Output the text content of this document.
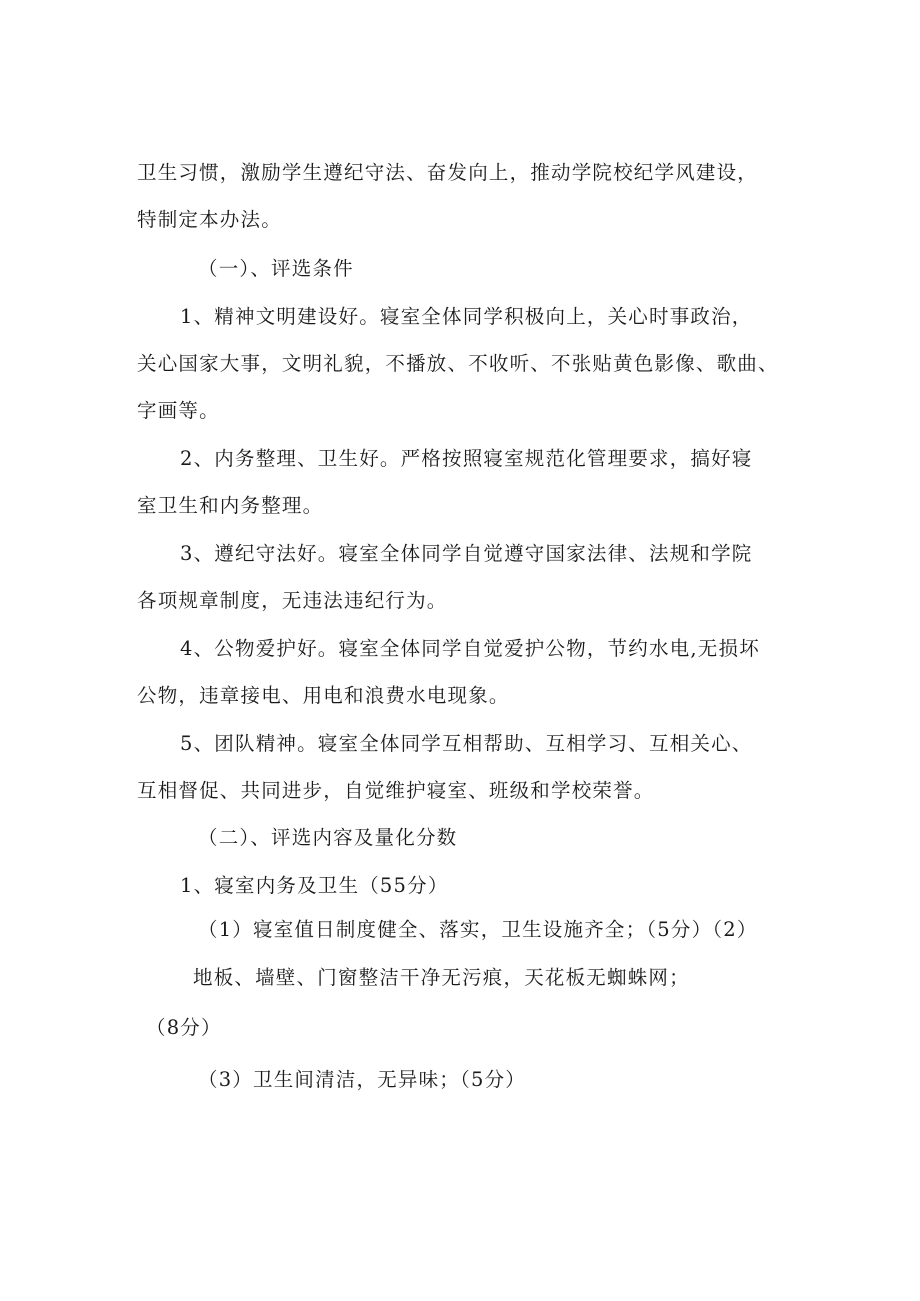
卫生习惯，激励学生遵纪守法、奋发向上，推动学院校纪学风建设，
特制定本办法。
（一）、评选条件
1、精神文明建设好。寝室全体同学积极向上，关心时事政治，
关心国家大事，文明礼貌，不播放、不收听、不张贴黄色影像、歌曲、
字画等。
2、内务整理、卫生好。严格按照寝室规范化管理要求，搞好寝
室卫生和内务整理。
3、遵纪守法好。寝室全体同学自觉遵守国家法律、法规和学院
各项规章制度，无违法违纪行为。
4、公物爱护好。寝室全体同学自觉爱护公物，节约水电,无损坏
公物，违章接电、用电和浪费水电现象。
5、团队精神。寝室全体同学互相帮助、互相学习、互相关心、
互相督促、共同进步，自觉维护寝室、班级和学校荣誉。
（二）、评选内容及量化分数
1、寝室内务及卫生（55分）
（1）寝室值日制度健全、落实，卫生设施齐全；（5分）（2）
地板、墙壁、门窗整洁干净无污痕，天花板无蜘蛛网；
（8分）
（3）卫生间清洁，无异味；（5分）
